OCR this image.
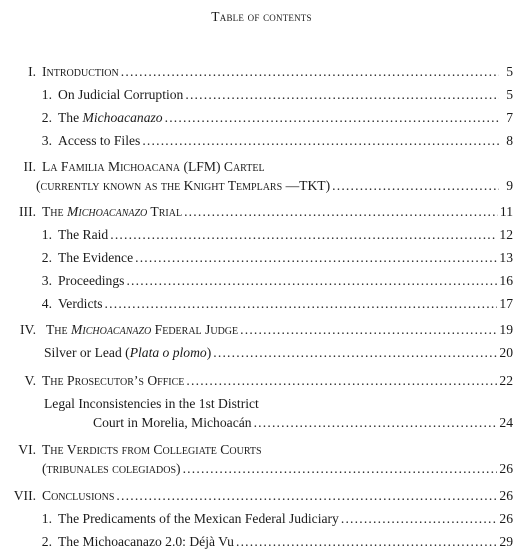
Table of contents
I. Introduction .....	5
1. On Judicial Corruption .....	5
2. The Michoacanazo .....	7
3. Access to Files .....	8
II. La Familia Michoacana (LFM) Cartel
(currently known as the Knight Templars —TKT) .....	9
III. The Michoacanazo Trial .....	11
1. The Raid .....	12
2. The Evidence .....	13
3. Proceedings .....	16
4. Verdicts .....	17
IV. The Michoacanazo Federal Judge .....	19
Silver or Lead (Plata o plomo) .....	20
V. The Prosecutor’s Office .....	22
Legal Inconsistencies in the 1st District
Court in Morelia, Michoacán .....	24
VI. The Verdicts from Collegiate Courts
(tribunales colegiados) .....	26
VII. Conclusions .....	26
1. The Predicaments of the Mexican Federal Judiciary .....	26
2. The Michoacanazo 2.0: Déjà Vu .....	29
